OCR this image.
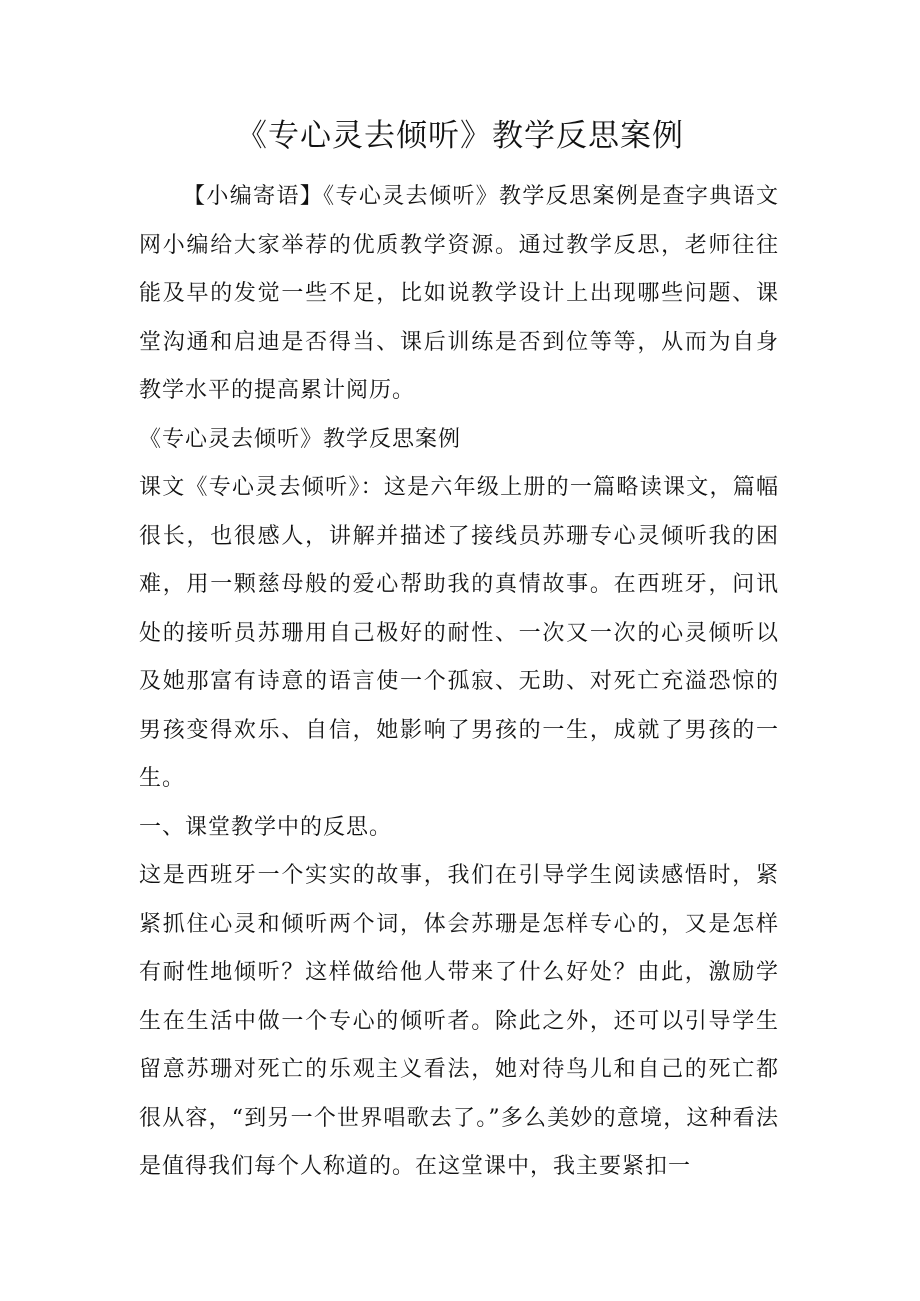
《专心灵去倾听》教学反思案例

【小编寄语】《专心灵去倾听》教学反思案例是查字典语文网小编给大家举荐的优质教学资源。通过教学反思，老师往往能及早的发觉一些不足，比如说教学设计上出现哪些问题、课堂沟通和启迪是否得当、课后训练是否到位等等，从而为自身教学水平的提高累计阅历。

《专心灵去倾听》教学反思案例

课文《专心灵去倾听》：这是六年级上册的一篇略读课文，篇幅很长，也很感人，讲解并描述了接线员苏珊专心灵倾听我的困难，用一颗慈母般的爱心帮助我的真情故事。在西班牙，问讯处的接听员苏珊用自己极好的耐性、一次又一次的心灵倾听以及她那富有诗意的语言使一个孤寂、无助、对死亡充溢恐惊的男孩变得欢乐、自信，她影响了男孩的一生，成就了男孩的一生。

一、课堂教学中的反思。

这是西班牙一个实实的故事，我们在引导学生阅读感悟时，紧紧抓住心灵和倾听两个词，体会苏珊是怎样专心的，又是怎样有耐性地倾听？这样做给他人带来了什么好处？由此，激励学生在生活中做一个专心的倾听者。除此之外，还可以引导学生留意苏珊对死亡的乐观主义看法，她对待鸟儿和自己的死亡都很从容，“到另一个世界唱歌去了。”多么美妙的意境，这种看法是值得我们每个人称道的。在这堂课中，我主要紧扣一
